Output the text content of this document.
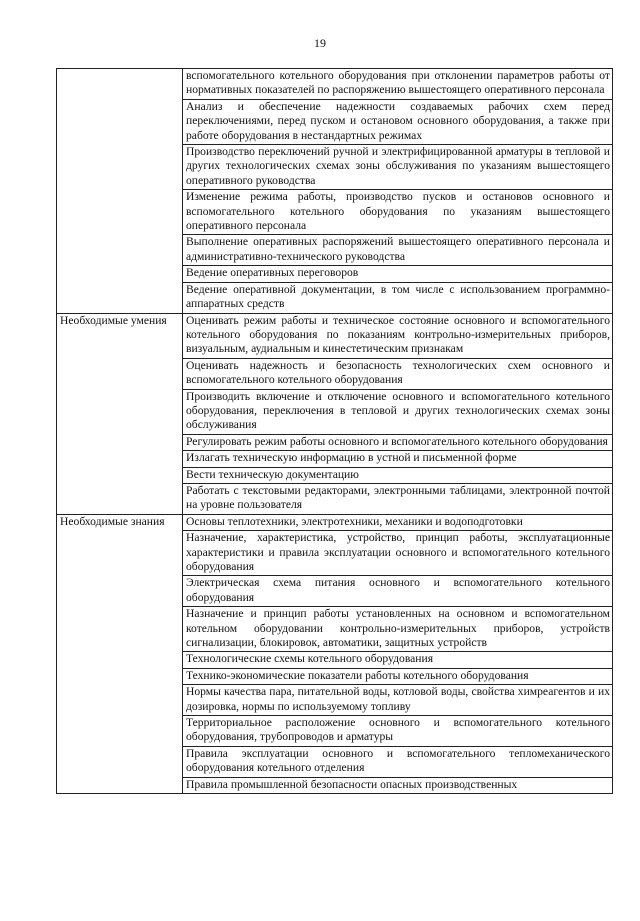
19

	вспомогательного котельного оборудования при отклонении параметров работы от нормативных показателей по распоряжению вышестоящего оперативного персонала

	Анализ и обеспечение надежности создаваемых рабочих схем перед переключениями, перед пуском и остановом основного оборудования, а также при работе оборудования в нестандартных режимах

	Производство переключений ручной и электрифицированной арматуры в тепловой и других технологических схемах зоны обслуживания по указаниям вышестоящего оперативного руководства

	Изменение режима работы, производство пусков и остановов основного и вспомогательного котельного оборудования по указаниям вышестоящего оперативного персонала

	Выполнение оперативных распоряжений вышестоящего оперативного персонала и административно-технического руководства

	Ведение оперативных переговоров

	Ведение оперативной документации, в том числе с использованием программно-аппаратных средств

Необходимые умения	Оценивать режим работы и техническое состояние основного и вспомогательного котельного оборудования по показаниям контрольно-измерительных приборов, визуальным, аудиальным и кинестетическим признакам

	Оценивать надежность и безопасность технологических схем основного и вспомогательного котельного оборудования

	Производить включение и отключение основного и вспомогательного котельного оборудования, переключения в тепловой и других технологических схемах зоны обслуживания

	Регулировать режим работы основного и вспомогательного котельного оборудования

	Излагать техническую информацию в устной и письменной форме

	Вести техническую документацию

	Работать с текстовыми редакторами, электронными таблицами, электронной почтой на уровне пользователя

Необходимые знания	Основы теплотехники, электротехники, механики и водоподготовки

	Назначение, характеристика, устройство, принцип работы, эксплуатационные характеристики и правила эксплуатации основного и вспомогательного котельного оборудования

	Электрическая схема питания основного и вспомогательного котельного оборудования

	Назначение и принцип работы установленных на основном и вспомогательном котельном оборудовании контрольно-измерительных приборов, устройств сигнализации, блокировок, автоматики, защитных устройств

	Технологические схемы котельного оборудования

	Технико-экономические показатели работы котельного оборудования

	Нормы качества пара, питательной воды, котловой воды, свойства химреагентов и их дозировка, нормы по используемому топливу

	Территориальное расположение основного и вспомогательного котельного оборудования, трубопроводов и арматуры

	Правила эксплуатации основного и вспомогательного тепломеханического оборудования котельного отделения

	Правила промышленной безопасности опасных производственных
